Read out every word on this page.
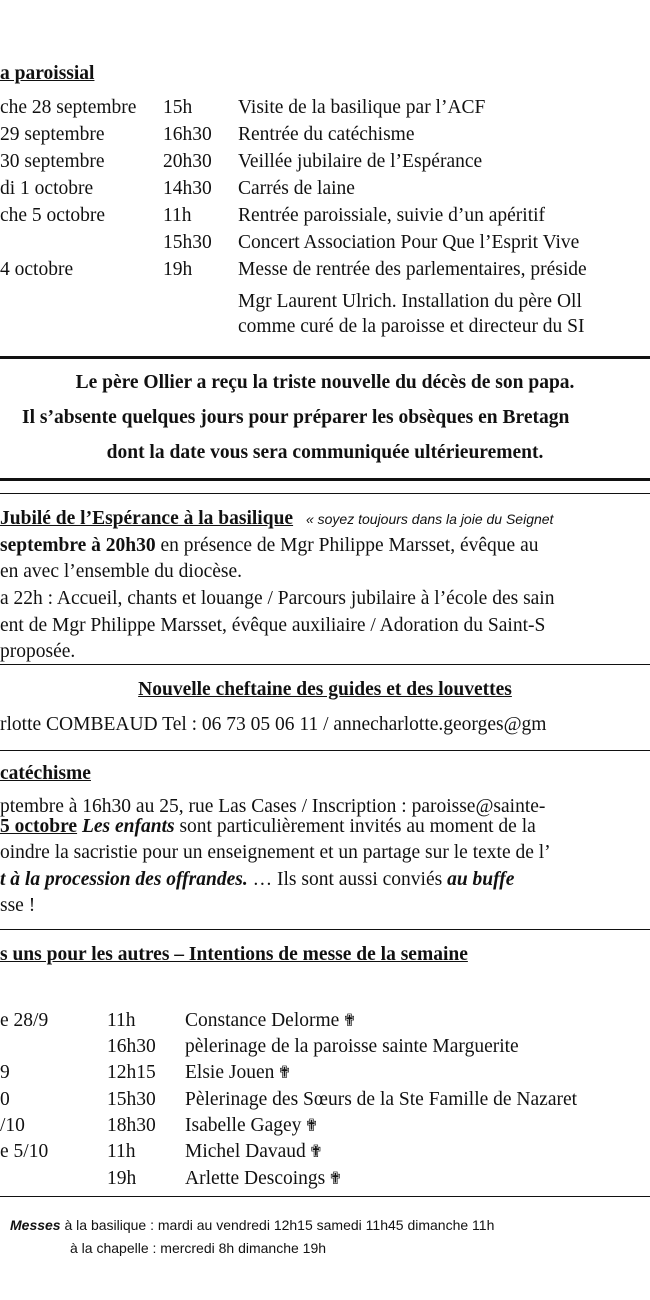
a paroissial
che 28 septembre 15h Visite de la basilique par l’ACF
29 septembre	16h30 Rentrée du catéchisme
30 septembre	20h30 Veillée jubilaire de l’Espérance
di 1 octobre	14h30 Carrés de laine
che 5 octobre	11h Rentrée paroissiale, suivie d’un apéritif
15h30 Concert Association Pour Que l’Esprit Vive
4 octobre	19h Messe de rentrée des parlementaires, préside
Mgr Laurent Ulrich. Installation du père Oll
comme curé de la paroisse et directeur du SI
Le père Ollier a reçu la triste nouvelle du décès de son papa.
Il s’absente quelques jours pour préparer les obsèques en Bretagn
dont la date vous sera communiquée ultérieurement.
Jubilé de l’Espérance à la basilique « soyez toujours dans la joie du Seignet
septembre à 20h30 en présence de Mgr Philippe Marsset, évêque au
en avec l’ensemble du diocèse.
a 22h : Accueil, chants et louange / Parcours jubilaire à l’école des sain
ent de Mgr Philippe Marsset, évêque auxiliaire / Adoration du Saint-S
proposée.
Nouvelle cheftaine des guides et des louvettes
rlotte COMBEAUD Tel : 06 73 05 06 11 / annecharlotte.georges@gm
catéchisme
ptembre à 16h30 au 25, rue Las Cases / Inscription : paroisse@sainte-
5 octobre Les enfants sont particulièrement invités au moment de la
oindre la sacristie pour un enseignement et un partage sur le texte de l’
t à la procession des offrandes. … Ils sont aussi conviés au buffe
sse !
s uns pour les autres – Intentions de messe de la semaine
e 28/9	11h	Constance Delorme ✟
16h30 pèlerinage de la paroisse sainte Marguerite
9	12h15 Elsie Jouen ✟
0	15h30 Pèlerinage des Sœurs de la Ste Famille de Nazaret
/10	18h30 Isabelle Gagey ✟
e 5/10	11h	Michel Davaud ✟
19h	Arlette Descoings ✟
Messes à la basilique : mardi au vendredi 12h15 samedi 11h45 dimanche 11h
à la chapelle : mercredi 8h dimanche 19h
